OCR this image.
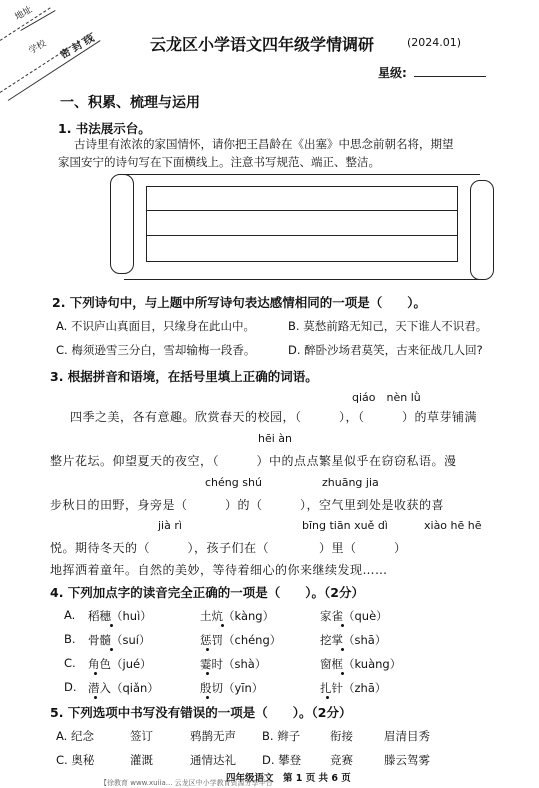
地址
学校 密 封 线	云龙区小学语文四年级学情调研	(2024.01)
星级:
一、积累、梳理与运用
1. 书法展示台。
古诗里有浓浓的家国情怀，请你把王昌龄在《出塞》中思念前朝名将，期望
家国安宁的诗句写在下面横线上。注意书写规范、端正、整洁。
2. 下列诗句中，与上题中所写诗句表达感情相同的一项是（　　）。
A. 不识庐山真面目，只缘身在此山中。	B. 莫愁前路无知己，天下谁人不识君。
C. 梅须逊雪三分白，雪却输梅一段香。	D. 醉卧沙场君莫笑，古来征战几人回?
3. 根据拼音和语境，在括号里填上正确的词语。
qiáo　nèn lǜ
四季之美，各有意趣。欣赏春天的校园，（　　　），（　　　）的草芽铺满
hēi àn
整片花坛。仰望夏天的夜空，（　　　）中的点点繁星似乎在窃窃私语。漫
chéng shú	zhuāng jia
步秋日的田野，身旁是（　　　）的（　　　），空气里到处是收获的喜
jià rì	bīng tiān xuě dì	xiào hē hē
悦。期待冬天的（　　　），孩子们在（　　　　）里（　　　）
地挥洒着童年。自然的美妙，等待着细心的你来继续发现……
4. 下列加点字的读音完全正确的一项是（　　）。（2分）
A. 稻穗（huì）	土炕（kàng）	家雀（què）
B. 骨髓（suí）	惩罚（chéng）	挖掌（shā）
C. 角色（jué）	霎时（shà）	窗框（kuàng）
D. 潜入（qiǎn）	殷切（yīn）	扎针（zhā）
5. 下列选项中书写没有错误的一项是（　　）。（2分）
A. 纪念	签订	鸦鹊无声 B. 辫子	衔接	眉清目秀
C. 奥秘	灌溉	通情达礼 D. 攀登	竞赛	滕云驾雾
四年级语文　第 1 页 共 6 页
【徐教育 www.xuiia... 云龙区中小学教育资源分享平台
